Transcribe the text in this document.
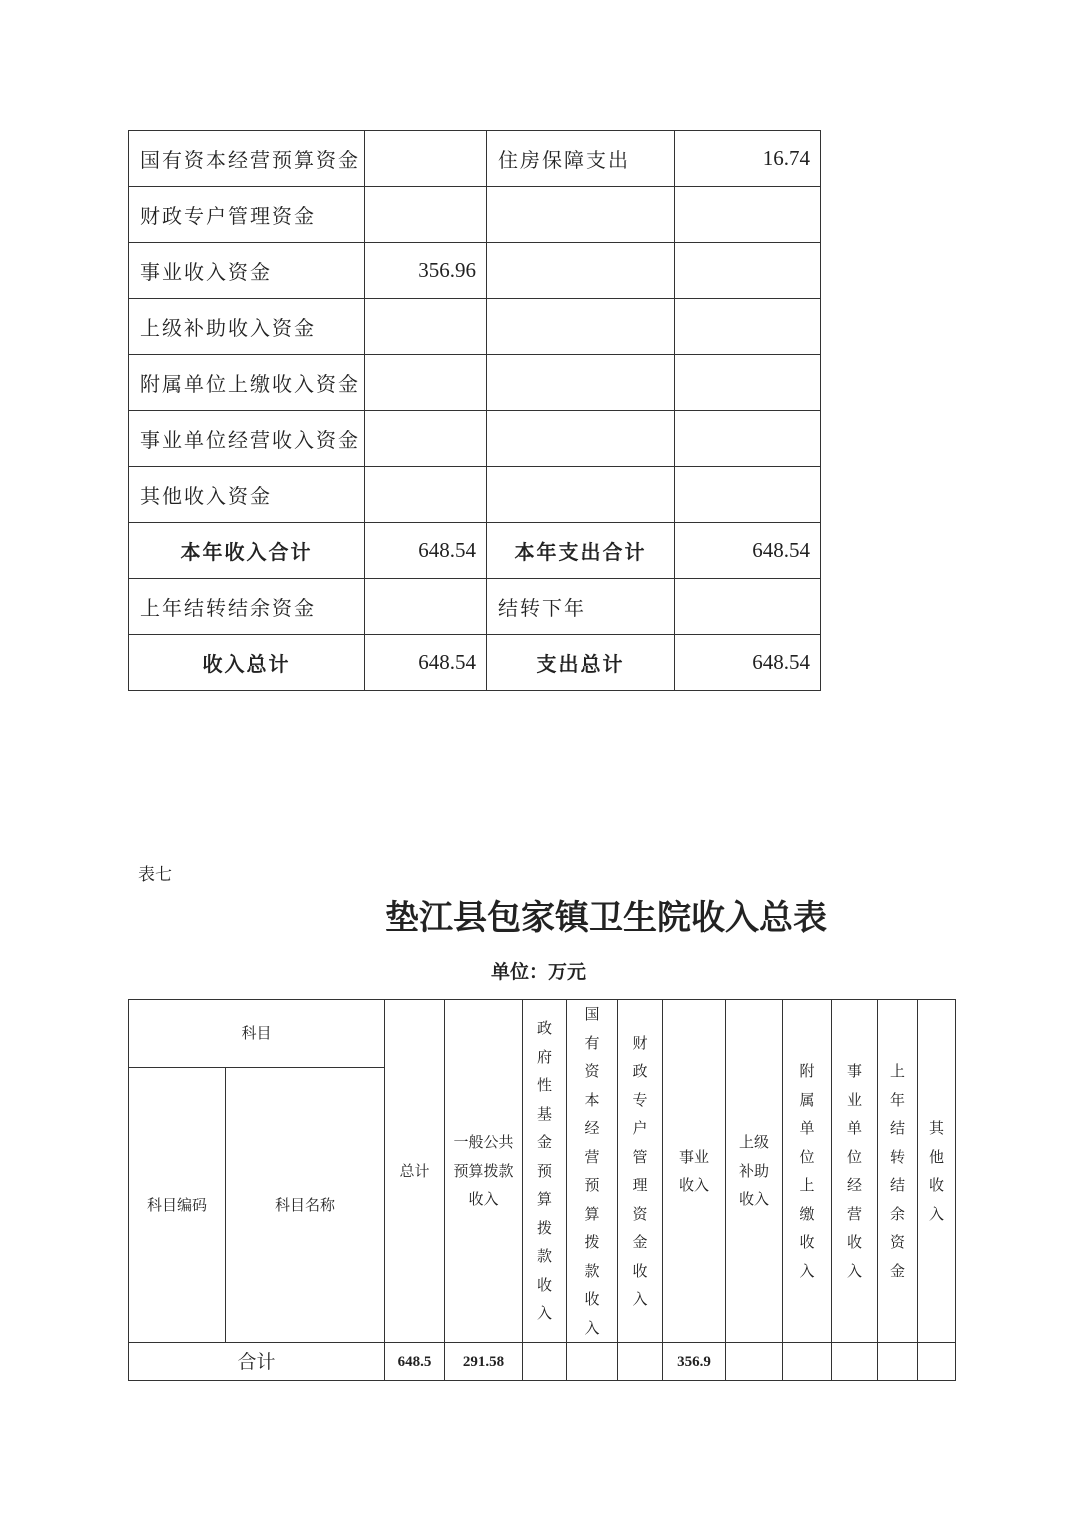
国有资本经营预算资金		住房保障支出	16.74
财政专户管理资金			
事业收入资金	356.96		
上级补助收入资金			
附属单位上缴收入资金			
事业单位经营收入资金			
其他收入资金			
本年收入合计	648.54	本年支出合计	648.54
上年结转结余资金		结转下年	
收入总计	648.54	支出总计	648.54
表七
垫江县包家镇卫生院收入总表
单位：万元
科目		总计	一般公共预算拨款收入	政府性基金预算拨款收入	国有资本经营预算拨款收入	财政专户管理资金收入	事业收入	上级补助收入	附属单位上缴收入	事业单位经营收入	上年结转结余资金	其他收入
科目编码	科目名称											
合计		648.5	291.58				356.9					
